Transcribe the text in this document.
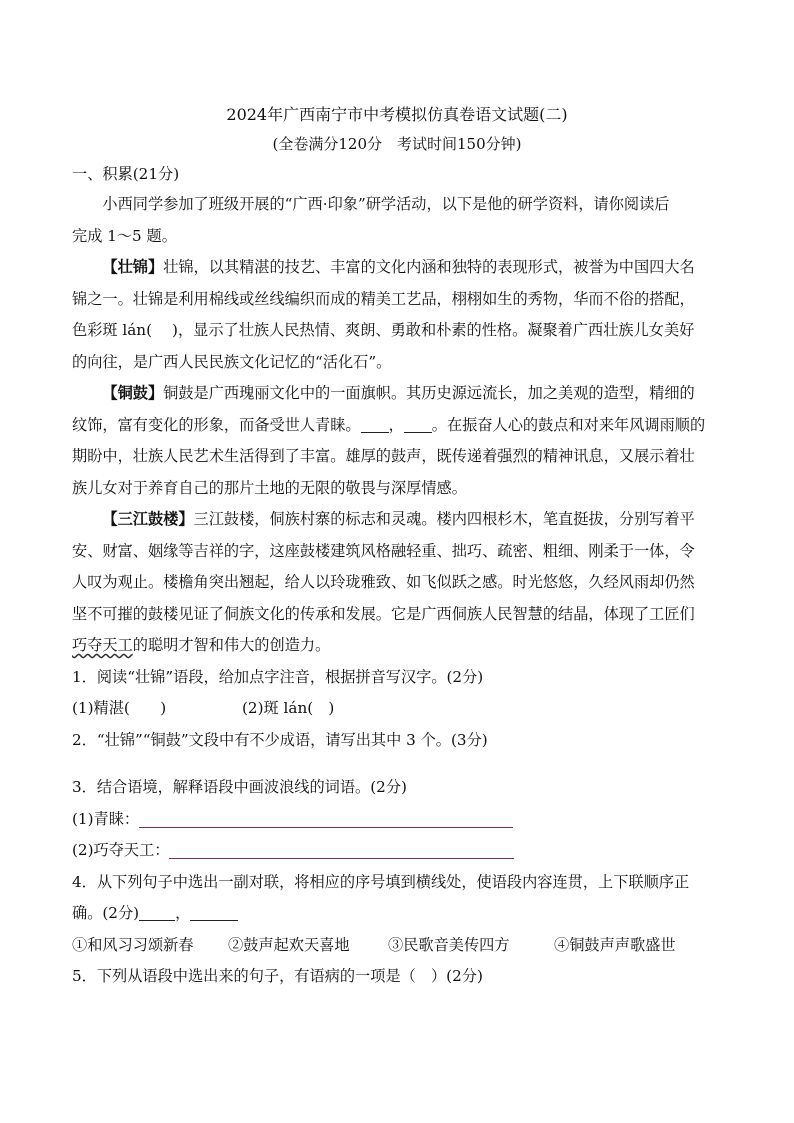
2024年广西南宁市中考模拟仿真卷语文试题(二)

(全卷满分120分　考试时间150分钟)

一、积累(21分)

小西同学参加了班级开展的“广西·印象”研学活动，以下是他的研学资料，请你阅读后

完成 1～5 题。

【壮锦】壮锦，以其精湛的技艺、丰富的文化内涵和独特的表现形式，被誉为中国四大名

锦之一。壮锦是利用棉线或丝线编织而成的精美工艺品，栩栩如生的秀物，华而不俗的搭配，

色彩斑 lán( )，显示了壮族人民热情、爽朗、勇敢和朴素的性格。凝聚着广西壮族儿女美好

的向往，是广西人民民族文化记忆的“活化石”。

【铜鼓】铜鼓是广西瑰丽文化中的一面旗帜。其历史源远流长，加之美观的造型，精细的

纹饰，富有变化的形象，而备受世人青睐。 ， 。在振奋人心的鼓点和对来年风调雨顺的

期盼中，壮族人民艺术生活得到了丰富。雄厚的鼓声，既传递着强烈的精神讯息，又展示着壮

族儿女对于养育自己的那片土地的无限的敬畏与深厚情感。

【三江鼓楼】三江鼓楼，侗族村寨的标志和灵魂。楼内四根杉木，笔直挺拔，分别写着平

安、财富、姻缘等吉祥的字，这座鼓楼建筑风格融轻重、拙巧、疏密、粗细、刚柔于一体，令

人叹为观止。楼檐角突出翘起，给人以玲珑雅致、如飞似跃之感。时光悠悠，久经风雨却仍然

坚不可摧的鼓楼见证了侗族文化的传承和发展。它是广西侗族人民智慧的结晶，体现了工匠们

巧夺天工的聪明才智和伟大的创造力。

1．阅读“壮锦”语段，给加点字注音，根据拼音写汉字。(2分)

(1)精湛(　　)	(2)斑 lán(　)

2．“壮锦”“铜鼓”文段中有不少成语，请写出其中 3 个。(3分)

3．结合语境，解释语段中画波浪线的词语。(2分)

(1)青睐：

(2)巧夺天工：

4．从下列句子中选出一副对联，将相应的序号填到横线处，使语段内容连贯，上下联顺序正

确。(2分) ，

①和风习习颂新春	②鼓声起欢天喜地	③民歌音美传四方	④铜鼓声声歌盛世

5．下列从语段中选出来的句子，有语病的一项是（　）(2分)
